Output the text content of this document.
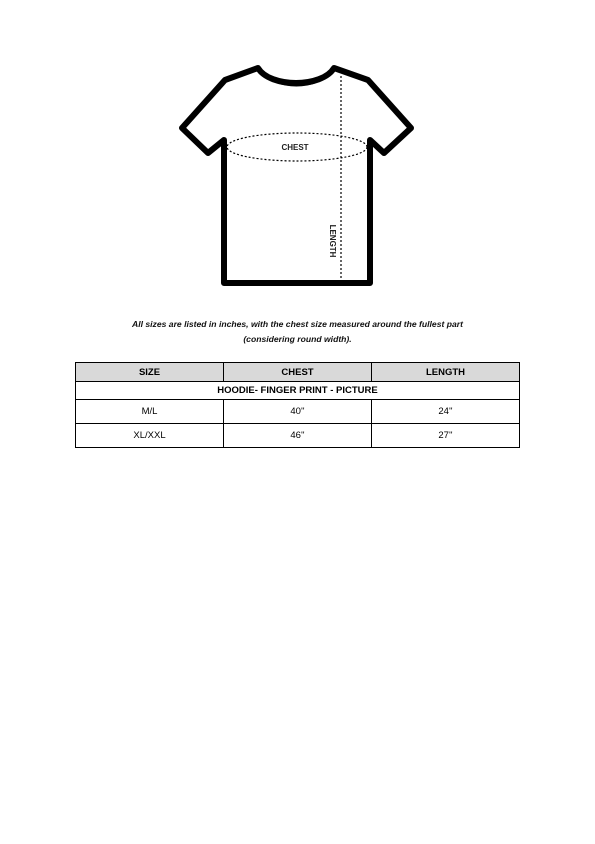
CHEST
LENGTH
All sizes are listed in inches, with the chest size measured around the fullest part
(considering round width).
SIZE	CHEST	LENGTH
HOODIE- FINGER PRINT - PICTURE		
M/L	40''	24''
XL/XXL	46''	27''
